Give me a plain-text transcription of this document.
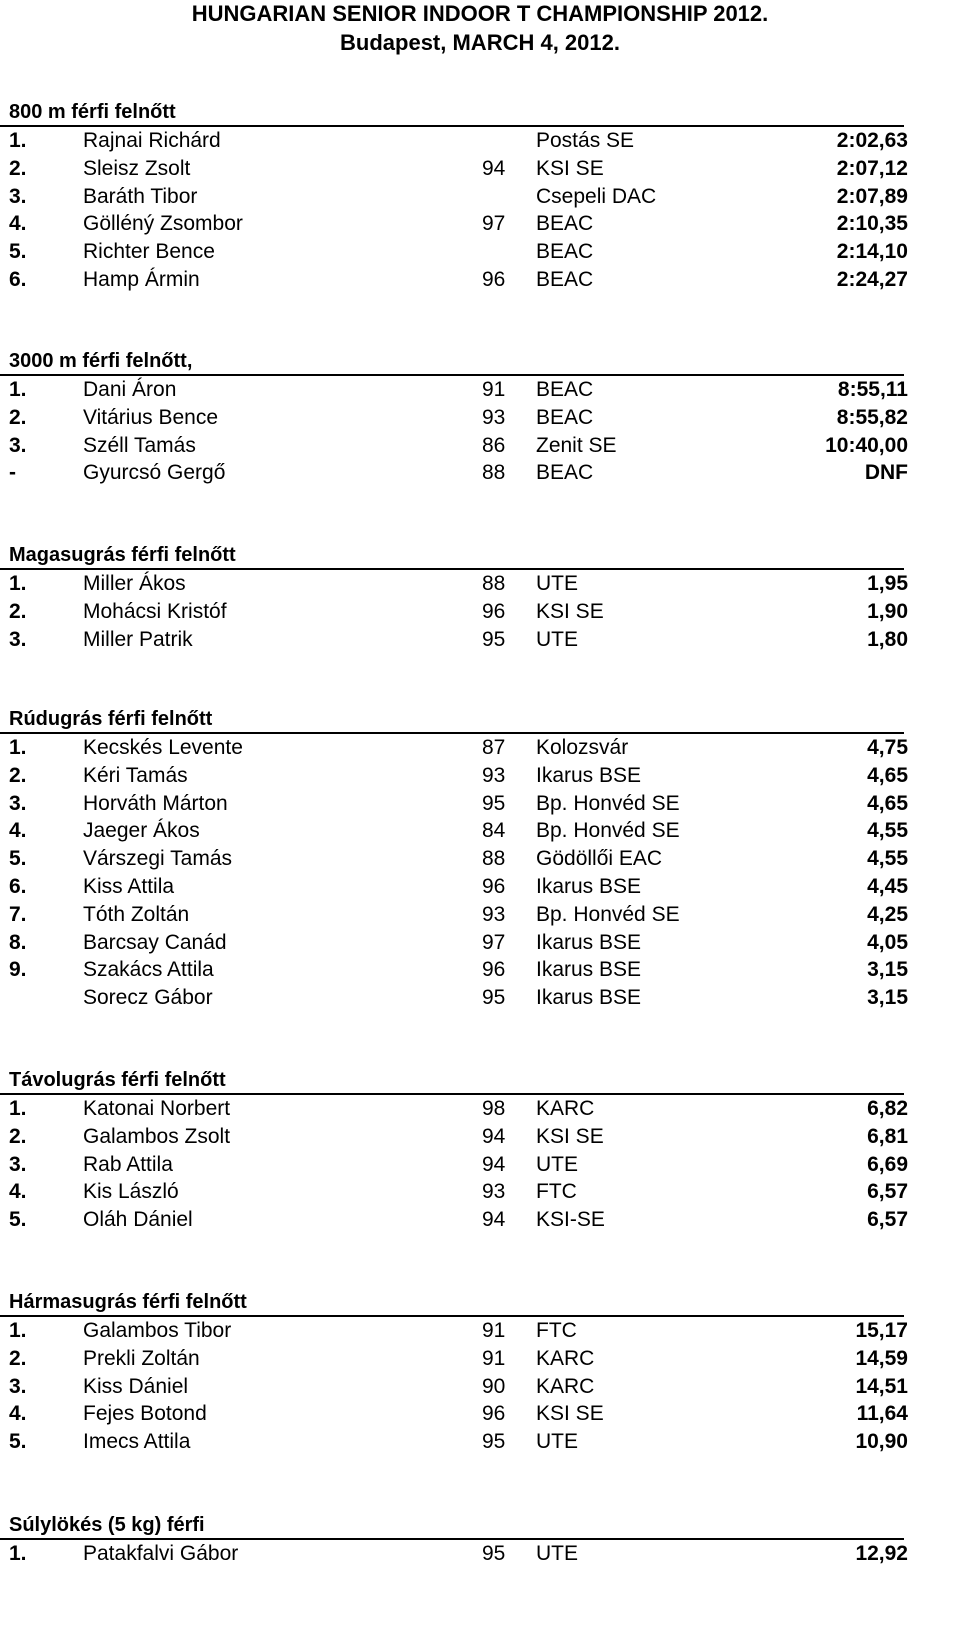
HUNGARIAN SENIOR INDOOR T CHAMPIONSHIP 2012.
Budapest, MARCH 4, 2012.
800 m férfi felnőtt
1.	Rajnai Richárd	Postás SE	2:02,63
2.	Sleisz Zsolt	94 KSI SE	2:07,12
3.	Baráth Tibor	Csepeli DAC	2:07,89
4.	Gölléný Zsombor	97 BEAC	2:10,35
5.	Richter Bence	BEAC	2:14,10
6.	Hamp Ármin	96 BEAC	2:24,27
3000 m férfi felnőtt,
1.	Dani Áron	91 BEAC	8:55,11
2.	Vitárius Bence	93 BEAC	8:55,82
3.	Széll Tamás	86 Zenit SE	10:40,00
-	Gyurcsó Gergő	88 BEAC	DNF
Magasugrás férfi felnőtt
1.	Miller Ákos	88 UTE	1,95
2.	Mohácsi Kristóf	96 KSI SE	1,90
3.	Miller Patrik	95 UTE	1,80
Rúdugrás férfi felnőtt
1.	Kecskés Levente	87 Kolozsvár	4,75
2.	Kéri Tamás	93 Ikarus BSE	4,65
3.	Horváth Márton	95 Bp. Honvéd SE	4,65
4.	Jaeger Ákos	84 Bp. Honvéd SE	4,55
5.	Várszegi Tamás	88 Gödöllői EAC	4,55
6.	Kiss Attila	96 Ikarus BSE	4,45
7.	Tóth Zoltán	93 Bp. Honvéd SE	4,25
8.	Barcsay Canád	97 Ikarus BSE	4,05
9.	Szakács Attila	96 Ikarus BSE	3,15
Sorecz Gábor	95 Ikarus BSE	3,15
Távolugrás férfi felnőtt
1.	Katonai Norbert	98 KARC	6,82
2.	Galambos Zsolt	94 KSI SE	6,81
3.	Rab Attila	94 UTE	6,69
4.	Kis László	93 FTC	6,57
5.	Oláh Dániel	94 KSI-SE	6,57
Hármasugrás férfi felnőtt
1.	Galambos Tibor	91 FTC	15,17
2.	Prekli Zoltán	91 KARC	14,59
3.	Kiss Dániel	90 KARC	14,51
4.	Fejes Botond	96 KSI SE	11,64
5.	Imecs Attila	95 UTE	10,90
Súlylökés (5 kg) férfi
1.	Patakfalvi Gábor	95 UTE	12,92
